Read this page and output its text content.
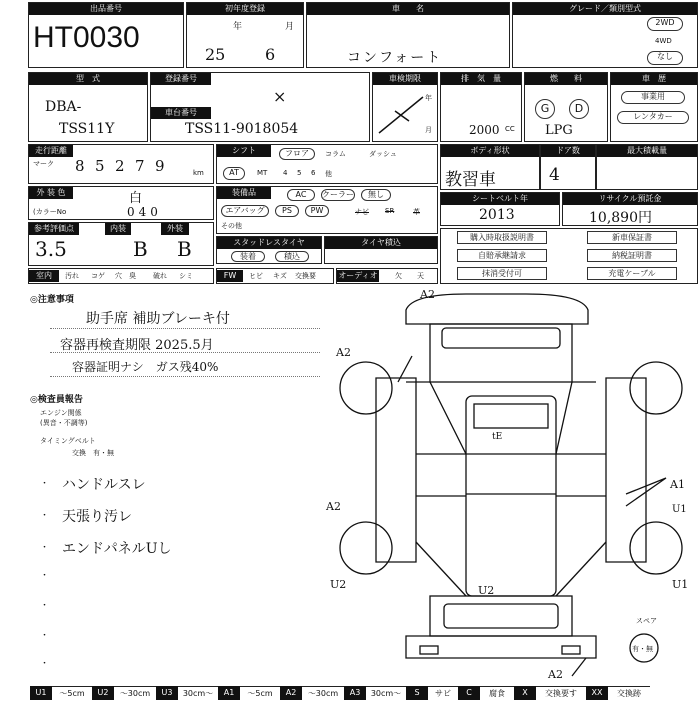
出品番号
HT0030
初年度登録
年	月
25 6
車　　名
コンフォート
グレード／類別型式
2WD
4WD
なし
型　式
DBA-
TSS11Y
登録番号
×
車台番号
TSS11-9018054
車検期限
年
月
排　気　量
2000 CC
燃　　料
G	D
LPG
車　歴
事業用
レンタカー
走行距離
マーク 8 5 2 7 9	km
シフト	フロア	コラム	ダッシュ
AT	MT 4 5 6 他
ボディ形状
教習車
ドア数
4
最大積載量
外 装 色	白
(カラーNo	040
装備品	AC	クーラー	無し
エアバッグ	PS	PW	ナビ SR	革
その他
シートベルト年
2013
リサイクル預託金
10,890円
参考評価点	内装	外装
3.5	B B	スタッドレスタイヤ
装着	積込
タイヤ積込
購入時取扱説明書	新車保証書
自賠承継請求	納税証明書
抹消受付可	充電ケーブル
室内	汚れ コゲ 穴 臭 破れ シミ	FW	ヒビ キズ 交換要	オーディオ 欠 天
◎注意事項
助手席 補助ブレーキ付
容器再検査期限 2025.5月
容器証明ナシ　ガス残40%
◎検査員報告
エンジン関係
(異音・不調等)
タイミングベルト
交換　有・無
・ ハンドルスレ
・ 天張り汚レ
・ エンドパネルUし
・
・
・
・
A2
A2
A1
U1
A2
U2	U2	U1
A2
tE
スペア
有・無
U1	～5cm	U2	～30cm	U3	30cm～	A1	～5cm	A2	～30cm	A3	30cm～	S	サビ	C	腐食	X	交換要す	XX	交換跡
